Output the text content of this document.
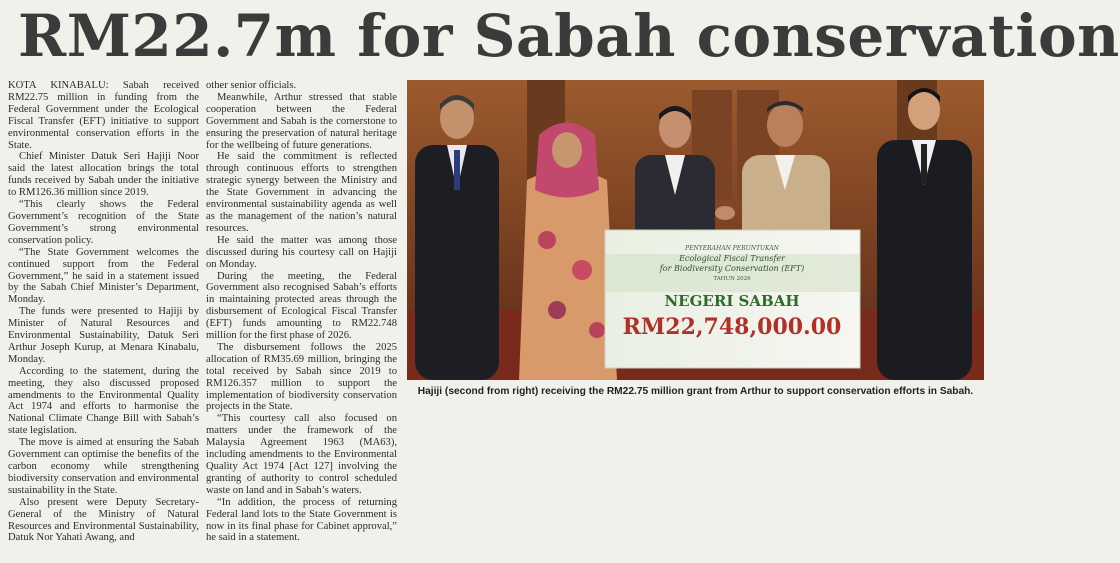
RM22.7m for Sabah conservation

KOTA KINABALU: Sabah received RM22.75 million in funding from the Federal Government under the Ecological Fiscal Transfer (EFT) initiative to support environmental conservation efforts in the State.

Chief Minister Datuk Seri Hajiji Noor said the latest allocation brings the total funds received by Sabah under the initiative to RM126.36 million since 2019.

“This clearly shows the Federal Government’s recognition of the State Government’s strong environmental conservation policy.

“The State Government welcomes the continued support from the Federal Government,” he said in a statement issued by the Sabah Chief Minister’s Department, Monday.

The funds were presented to Hajiji by Minister of Natural Resources and Environmental Sustainability, Datuk Seri Arthur Joseph Kurup, at Menara Kinabalu, Monday.

According to the statement, during the meeting, they also discussed proposed amendments to the Environmental Quality Act 1974 and efforts to harmonise the National Climate Change Bill with Sabah’s state legislation.

The move is aimed at ensuring the Sabah Government can optimise the benefits of the carbon economy while strengthening biodiversity conservation and environmental sustainability in the State.

Also present were Deputy Secretary-General of the Ministry of Natural Resources and Environmental Sustainability, Datuk Nor Yahati Awang, and

other senior officials.

Meanwhile, Arthur stressed that stable cooperation between the Federal Government and Sabah is the cornerstone to ensuring the preservation of natural heritage for the wellbeing of future generations.

He said the commitment is reflected through continuous efforts to strengthen strategic synergy between the Ministry and the State Government in advancing the environmental sustainability agenda as well as the management of the nation’s natural resources.

He said the matter was among those discussed during his courtesy call on Hajiji on Monday.

During the meeting, the Federal Government also recognised Sabah’s efforts in maintaining protected areas through the disbursement of Ecological Fiscal Transfer (EFT) funds amounting to RM22.748 million for the first phase of 2026.

The disbursement follows the 2025 allocation of RM35.69 million, bringing the total received by Sabah since 2019 to RM126.357 million to support the implementation of biodiversity conservation projects in the State.

“This courtesy call also focused on matters under the framework of the Malaysia Agreement 1963 (MA63), including amendments to the Environmental Quality Act 1974 [Act 127] involving the granting of authority to control scheduled waste on land and in Sabah’s waters.

“In addition, the process of returning Federal land lots to the State Government is now in its final phase for Cabinet approval,” he said in a statement.

PENYERAHAN PERUNTUKAN
Ecological Fiscal Transfer
for Biodiversity Conservation (EFT)
TAHUN 2026
NEGERI SABAH
RM22,748,000.00
Hajiji (second from right) receiving the RM22.75 million grant from Arthur to support conservation efforts in Sabah.
